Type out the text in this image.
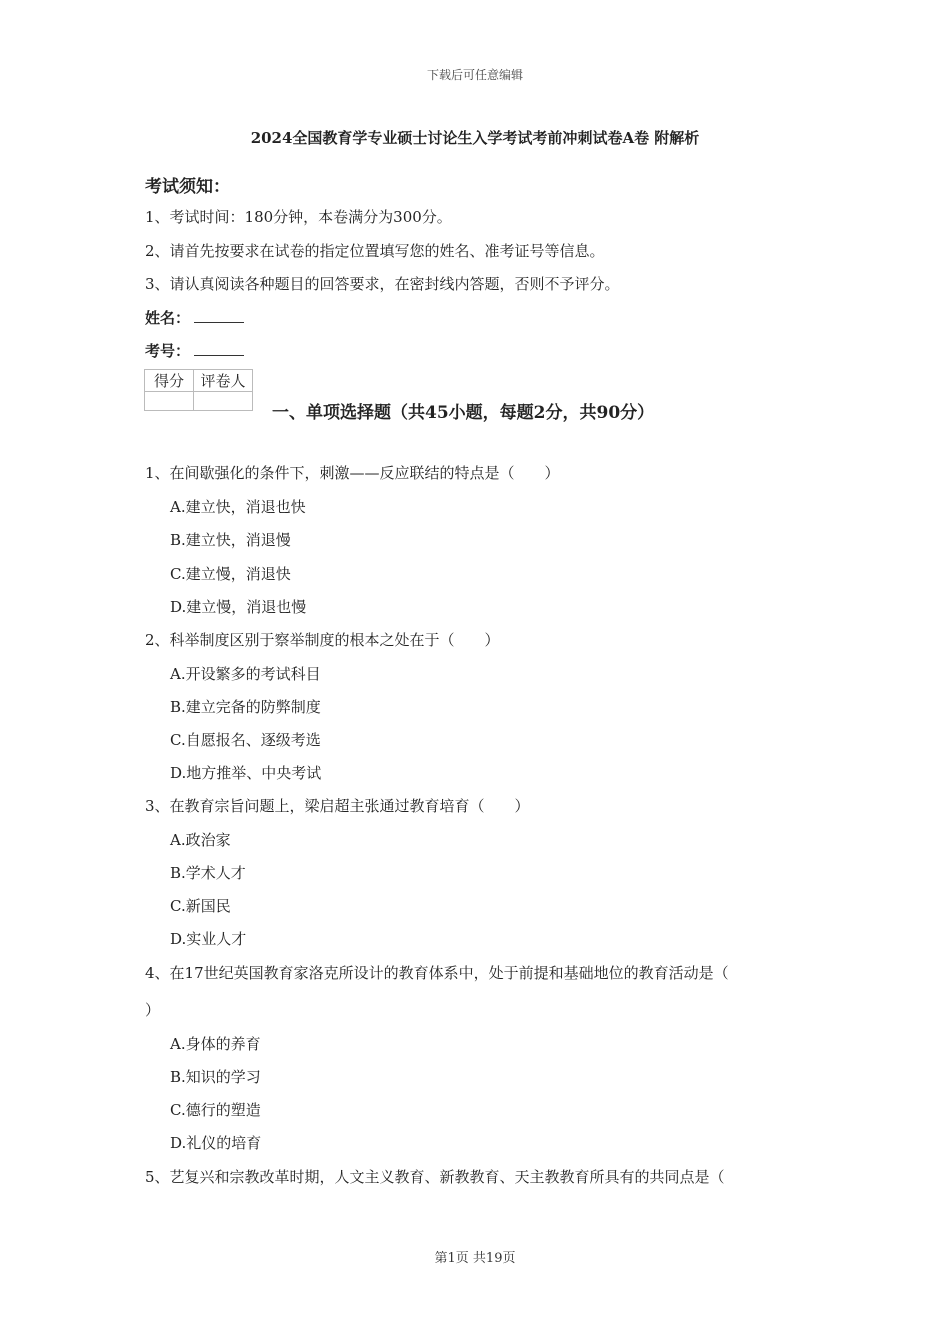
下载后可任意编辑
2024全国教育学专业硕士讨论生入学考试考前冲刺试卷A卷 附解析
考试须知：
1、考试时间：180分钟，本卷满分为300分。
2、请首先按要求在试卷的指定位置填写您的姓名、准考证号等信息。
3、请认真阅读各种题目的回答要求，在密封线内答题，否则不予评分。
姓名：
考号：
得分	评卷人

一、单项选择题（共45小题，每题2分，共90分）
1、在间歇强化的条件下，刺激——反应联结的特点是（　　）
A.建立快，消退也快
B.建立快，消退慢
C.建立慢，消退快
D.建立慢，消退也慢
2、科举制度区别于察举制度的根本之处在于（　　）
A.开设繁多的考试科目
B.建立完备的防弊制度
C.自愿报名、逐级考选
D.地方推举、中央考试
3、在教育宗旨问题上，梁启超主张通过教育培育（　　）
A.政治家
B.学术人才
C.新国民
D.实业人才
4、在17世纪英国教育家洛克所设计的教育体系中，处于前提和基础地位的教育活动是（
）
A.身体的养育
B.知识的学习
C.德行的塑造
D.礼仪的培育
5、艺复兴和宗教改革时期，人文主义教育、新教教育、天主教教育所具有的共同点是（
第1页 共19页
